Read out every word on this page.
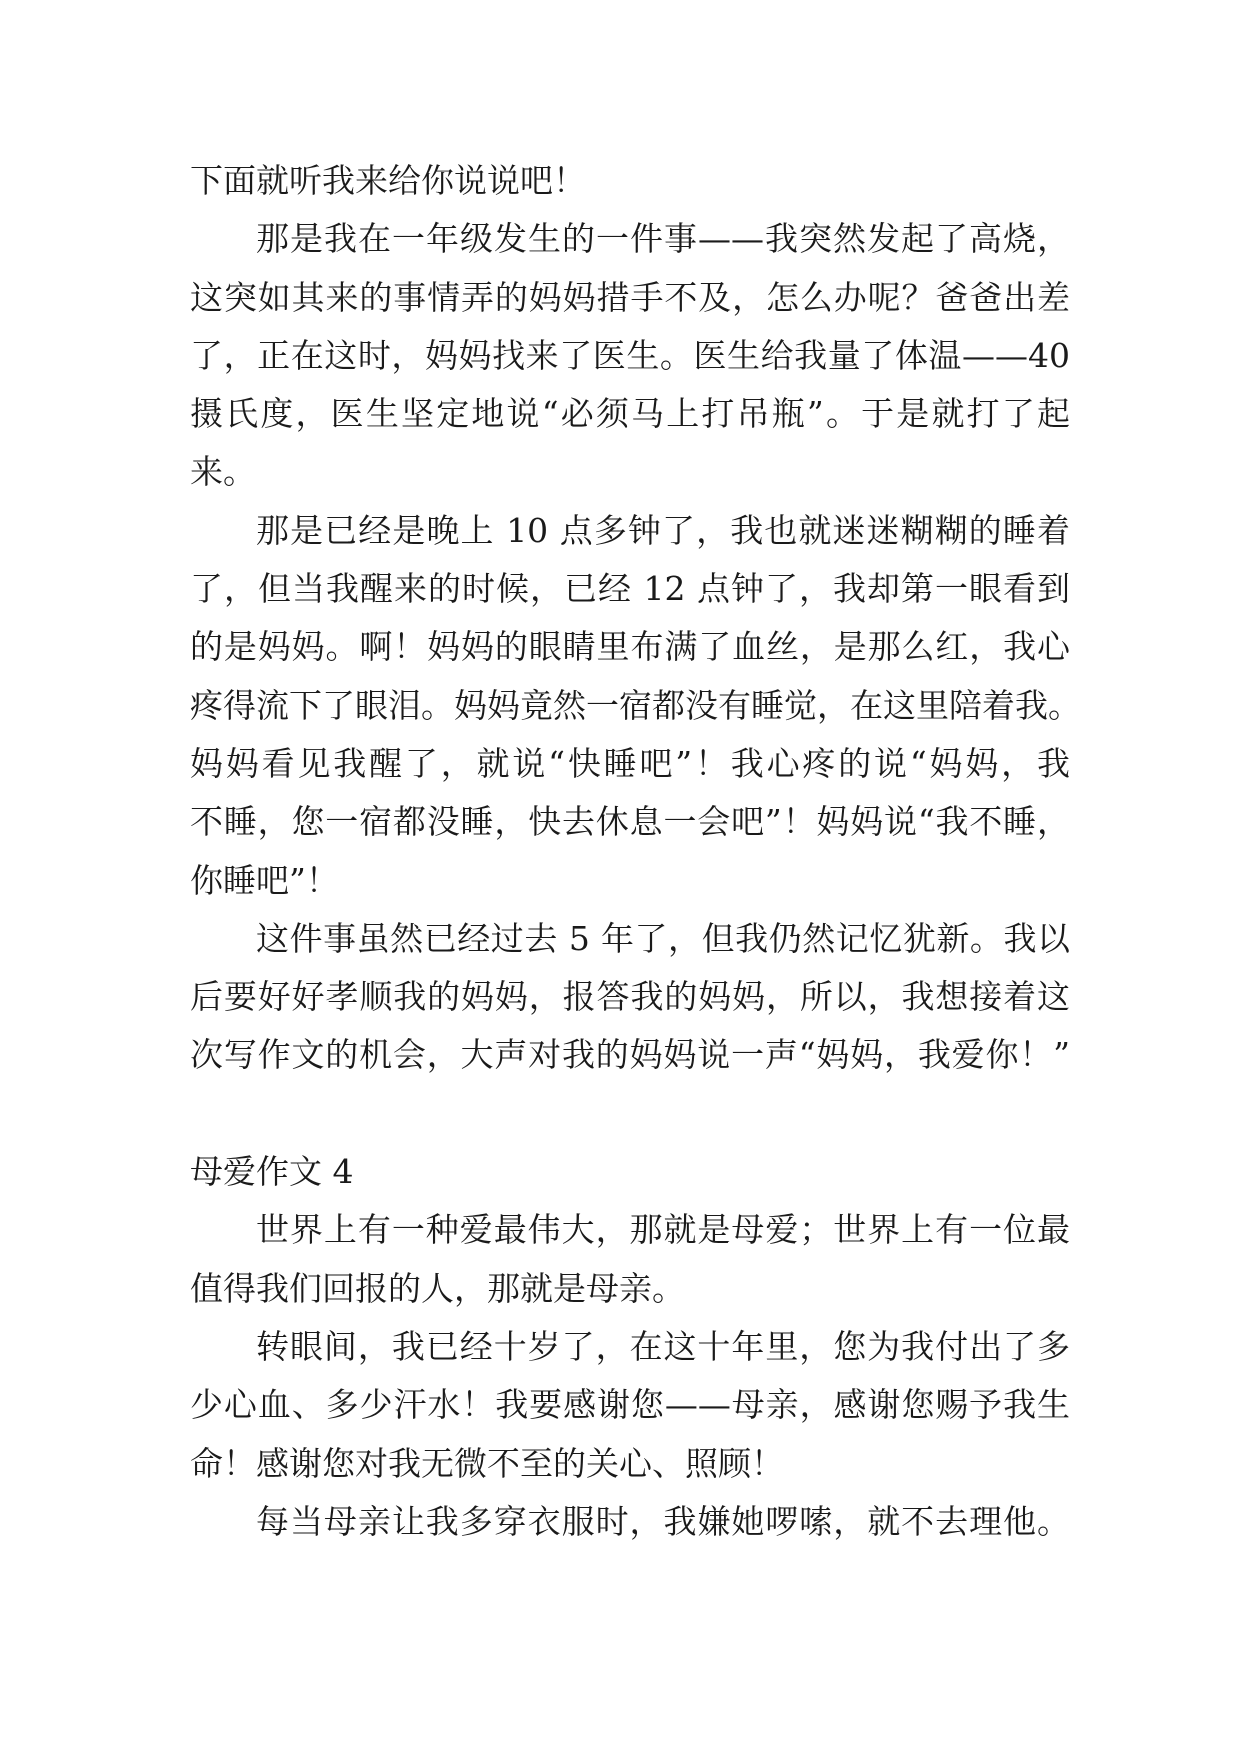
下面就听我来给你说说吧！
那是我在一年级发生的一件事——我突然发起了高烧，
这突如其来的事情弄的妈妈措手不及，怎么办呢？爸爸出差
了，正在这时，妈妈找来了医生。医生给我量了体温——40
摄氏度，医生坚定地说“必须马上打吊瓶”。于是就打了起
来。
那是已经是晚上 10 点多钟了，我也就迷迷糊糊的睡着
了，但当我醒来的时候，已经 12 点钟了，我却第一眼看到
的是妈妈。啊！妈妈的眼睛里布满了血丝，是那么红，我心
疼得流下了眼泪。妈妈竟然一宿都没有睡觉，在这里陪着我。
妈妈看见我醒了，就说“快睡吧”！我心疼的说“妈妈，我
不睡，您一宿都没睡，快去休息一会吧”！妈妈说“我不睡，
你睡吧”！
这件事虽然已经过去 5 年了，但我仍然记忆犹新。我以
后要好好孝顺我的妈妈，报答我的妈妈，所以，我想接着这
次写作文的机会，大声对我的妈妈说一声“妈妈，我爱你！”
母爱作文 4
世界上有一种爱最伟大，那就是母爱；世界上有一位最
值得我们回报的人，那就是母亲。
转眼间，我已经十岁了，在这十年里，您为我付出了多
少心血、多少汗水！我要感谢您——母亲，感谢您赐予我生
命！感谢您对我无微不至的关心、照顾！
每当母亲让我多穿衣服时，我嫌她啰嗦，就不去理他。
